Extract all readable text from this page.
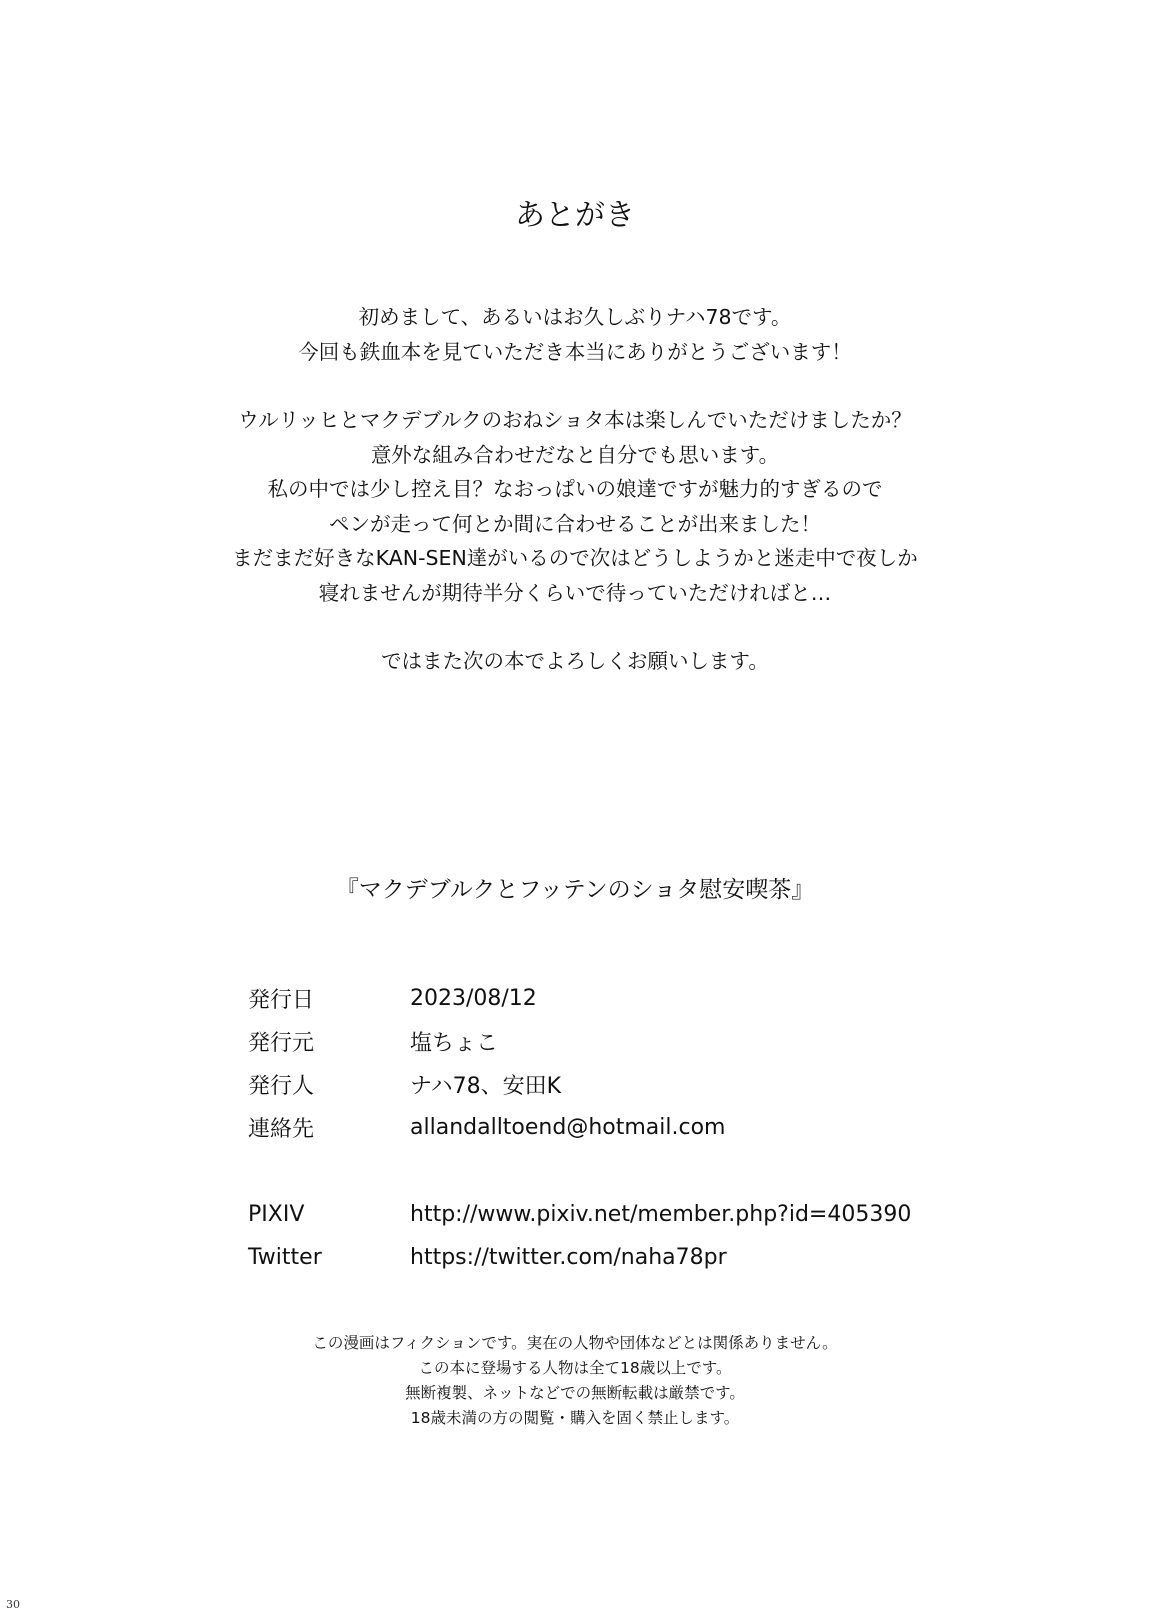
あとがき
初めまして、あるいはお久しぶりナハ78です。
今回も鉄血本を見ていただき本当にありがとうございます！
ウルリッヒとマクデブルクのおねショタ本は楽しんでいただけましたか？
意外な組み合わせだなと自分でも思います。
私の中では少し控え目？なおっぱいの娘達ですが魅力的すぎるので
ペンが走って何とか間に合わせることが出来ました！
まだまだ好きなKAN-SEN達がいるので次はどうしようかと迷走中で夜しか
寝れませんが期待半分くらいで待っていただければと…
ではまた次の本でよろしくお願いします。
『マクデブルクとフッテンのショタ慰安喫茶』
発行日	2023/08/12
発行元	塩ちょこ
発行人	ナハ78、安田K
連絡先	allandalltoend@hotmail.com
PIXIV	http://www.pixiv.net/member.php?id=405390
Twitter	https://twitter.com/naha78pr
この漫画はフィクションです。実在の人物や団体などとは関係ありません。
この本に登場する人物は全て18歳以上です。
無断複製、ネットなどでの無断転載は厳禁です。
18歳未満の方の閲覧・購入を固く禁止します。
30
